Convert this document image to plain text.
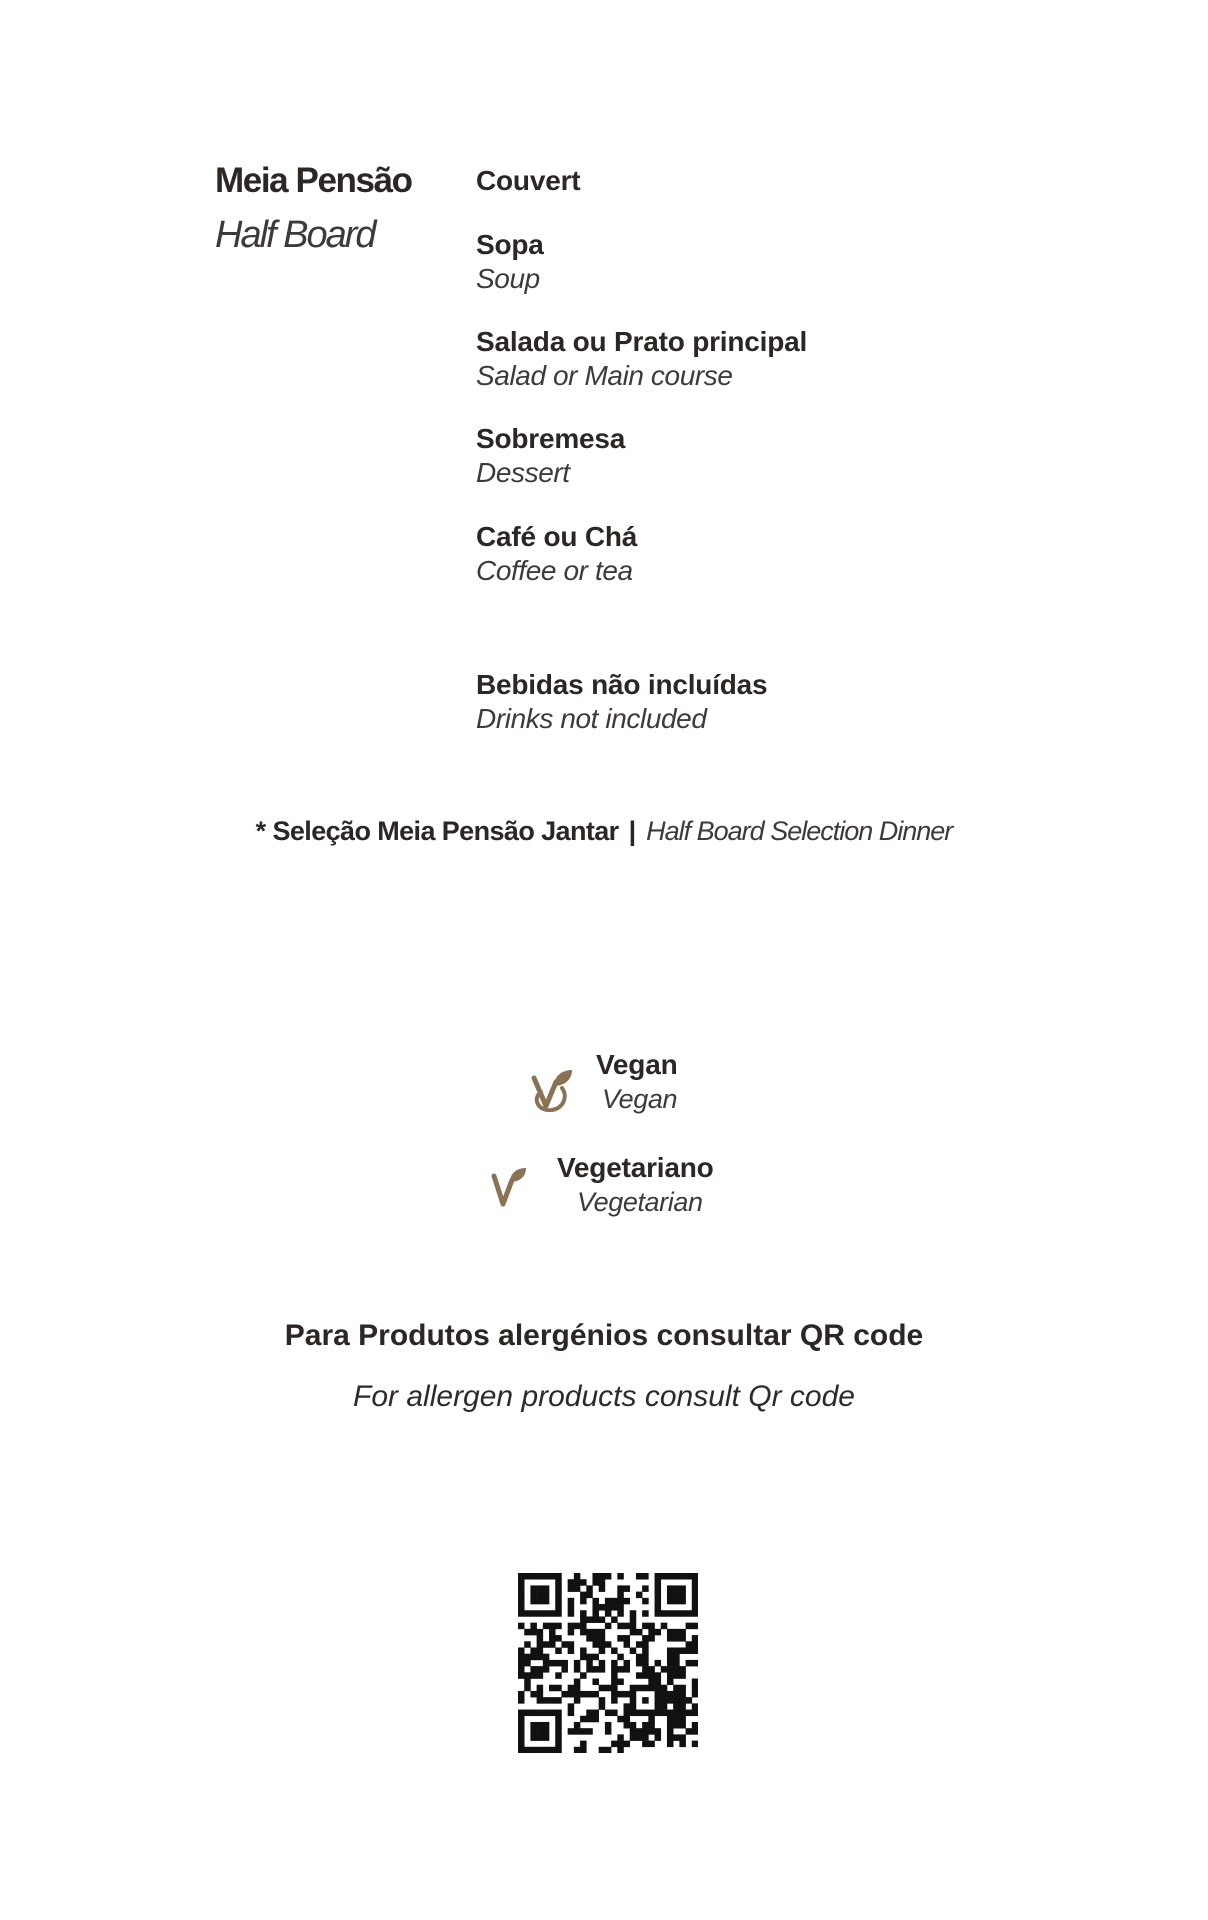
Meia Pensão
Half Board
Couvert
Sopa
Soup
Salada ou Prato principal
Salad or Main course
Sobremesa
Dessert
Café ou Chá
Coffee or tea
Bebidas não incluídas
Drinks not included
* Seleção Meia Pensão Jantar | Half Board Selection Dinner
Vegan
Vegan
Vegetariano
Vegetarian
Para Produtos alergénios consultar QR code
For allergen products consult Qr code
